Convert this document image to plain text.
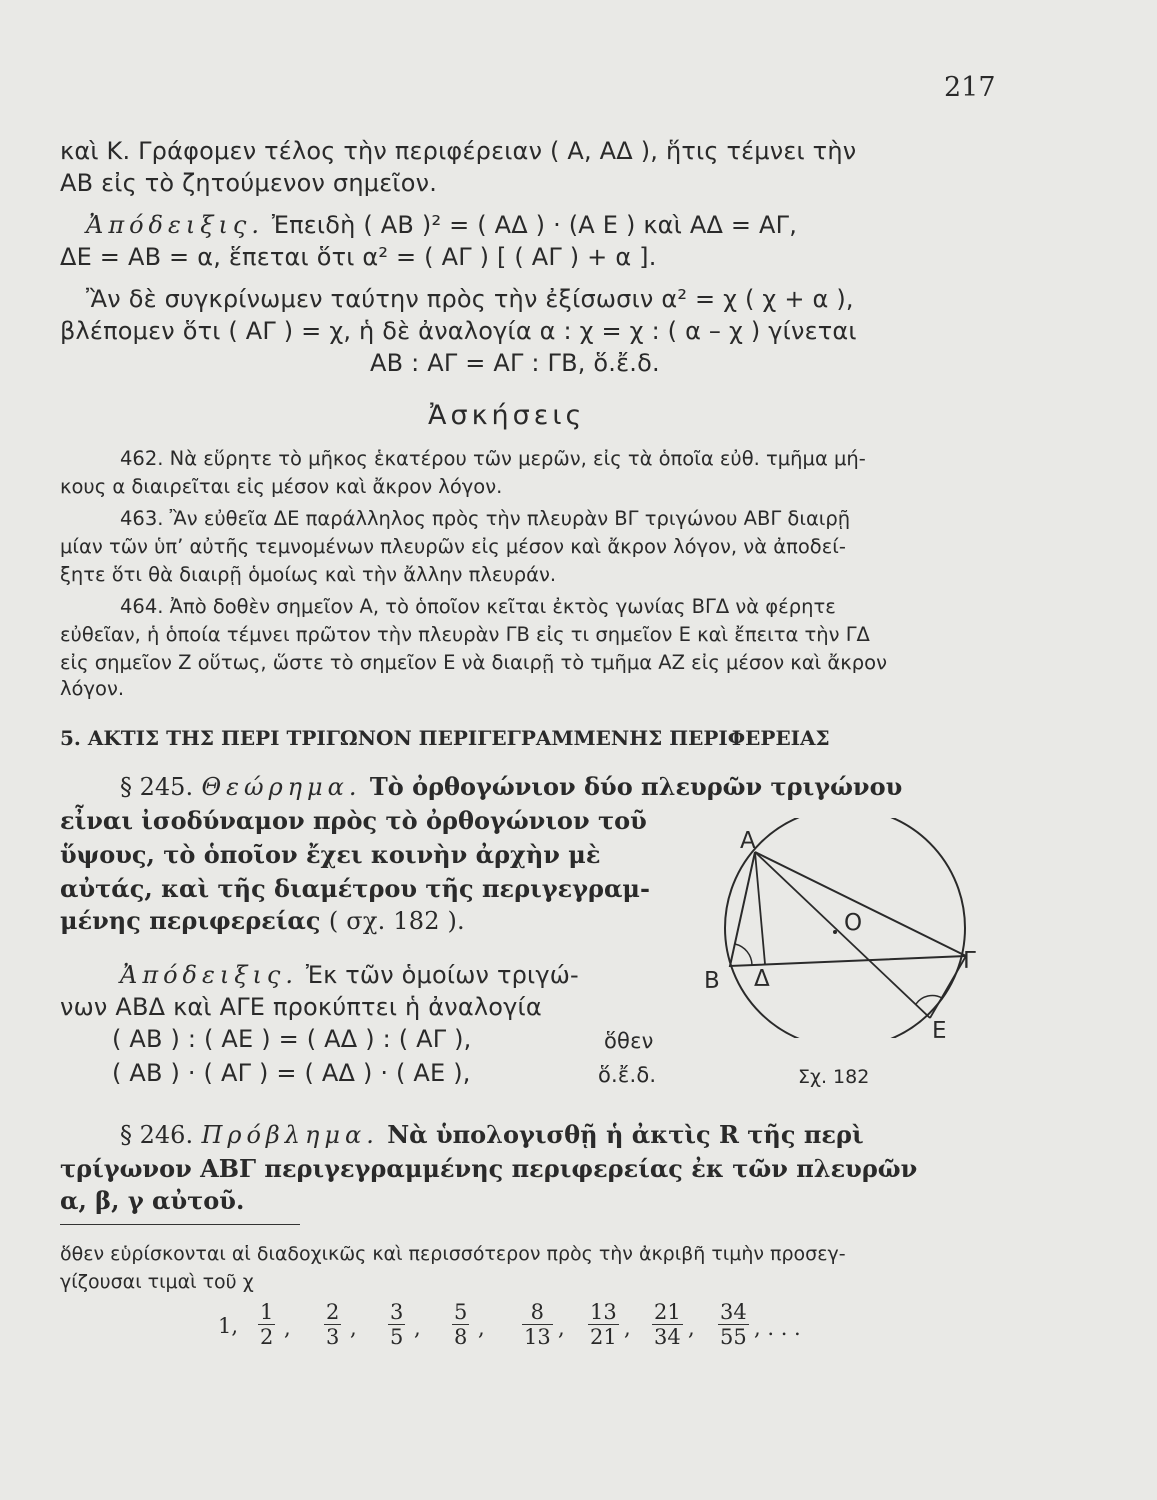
217
καὶ Κ. Γράφομεν τέλος τὴν περιφέρειαν ( Α, ΑΔ ), ἥτις τέμνει τὴν
ΑΒ εἰς τὸ ζητούμενον σημεῖον.
Ἀπόδειξις. Ἐπειδὴ ( ΑΒ )² = ( ΑΔ ) · (Α Ε ) καὶ ΑΔ = ΑΓ,
ΔΕ = ΑΒ = α, ἕπεται ὅτι α² = ( ΑΓ ) [ ( ΑΓ ) + α ].
Ἂν δὲ συγκρίνωμεν ταύτην πρὸς τὴν ἐξίσωσιν α² = χ ( χ + α ),
βλέπομεν ὅτι ( ΑΓ ) = χ, ἡ δὲ ἀναλογία α : χ = χ : ( α – χ ) γίνεται
ΑΒ : ΑΓ = ΑΓ : ΓΒ, ὅ.ἔ.δ.
Ἀσκήσεις
462. Νὰ εὕρητε τὸ μῆκος ἑκατέρου τῶν μερῶν, εἰς τὰ ὁποῖα εὐθ. τμῆμα μή-
κους α διαιρεῖται εἰς μέσον καὶ ἄκρον λόγον.
463. Ἂν εὐθεῖα ΔΕ παράλληλος πρὸς τὴν πλευρὰν ΒΓ τριγώνου ΑΒΓ διαιρῇ
μίαν τῶν ὑπ’ αὐτῆς τεμνομένων πλευρῶν εἰς μέσον καὶ ἄκρον λόγον, νὰ ἀποδεί-
ξητε ὅτι θὰ διαιρῇ ὁμοίως καὶ τὴν ἄλλην πλευράν.
464. Ἀπὸ δοθὲν σημεῖον Α, τὸ ὁποῖον κεῖται ἐκτὸς γωνίας ΒΓΔ νὰ φέρητε
εὐθεῖαν, ἡ ὁποία τέμνει πρῶτον τὴν πλευρὰν ΓΒ εἰς τι σημεῖον Ε καὶ ἔπειτα τὴν ΓΔ
εἰς σημεῖον Ζ οὕτως, ὥστε τὸ σημεῖον Ε νὰ διαιρῇ τὸ τμῆμα ΑΖ εἰς μέσον καὶ ἄκρον
λόγον.
5. ΑΚΤΙΣ ΤΗΣ ΠΕΡΙ ΤΡΙΓΩΝΟΝ ΠΕΡΙΓΕΓΡΑΜΜΕΝΗΣ ΠΕΡΙΦΕΡΕΙΑΣ
§ 245. Θεώρημα. Τὸ ὀρθογώνιον δύο πλευρῶν τριγώνου
εἶναι ἰσοδύναμον πρὸς τὸ ὀρθογώνιον τοῦ
ὕψους, τὸ ὁποῖον ἔχει κοινὴν ἀρχὴν μὲ
αὐτάς, καὶ τῆς διαμέτρου τῆς περιγεγραμ-
μένης περιφερείας ( σχ. 182 ).
Ἀπόδειξις. Ἐκ τῶν ὁμοίων τριγώ-
νων ΑΒΔ καὶ ΑΓΕ προκύπτει ἡ ἀναλογία
( ΑΒ ) : ( ΑΕ ) = ( ΑΔ ) : ( ΑΓ ),	ὅθεν
( ΑΒ ) · ( ΑΓ ) = ( ΑΔ ) · ( ΑΕ ),	ὅ.ἔ.δ.
Α
Β
Γ
Δ
Ο
Ε
Σχ. 182
§ 246. Πρόβλημα. Νὰ ὑπολογισθῇ ἡ ἀκτὶς R τῆς περὶ
τρίγωνον ΑΒΓ περιγεγραμμένης περιφερείας ἐκ τῶν πλευρῶν
α, β, γ αὐτοῦ.
ὅθεν εὑρίσκονται αἱ διαδοχικῶς καὶ περισσότερον πρὸς τὴν ἀκριβῆ τιμὴν προσεγ-
γίζουσαι τιμαὶ τοῦ χ
1, $\frac{1}{2}$ , $\frac{2}{3}$ , $\frac{3}{5}$ , $\frac{5}{8}$ , $\frac{8}{13}$ , $\frac{13}{21}$ , $\frac{21}{34}$ , $\frac{34}{55}$ , . . .
